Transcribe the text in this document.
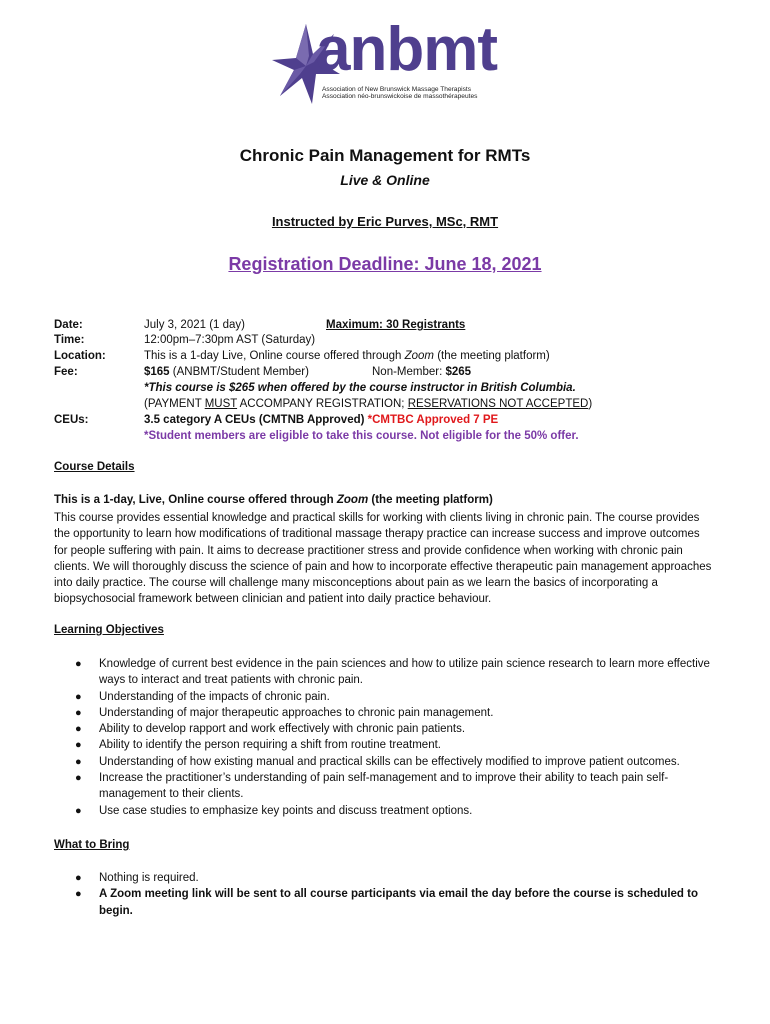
anbmt
Association of New Brunswick Massage Therapists
Association néo-brunswickoise de massothérapeutes
Chronic Pain Management for RMTs
Live & Online
Instructed by Eric Purves, MSc, RMT
Registration Deadline: June 18, 2021
Date:	July 3, 2021 (1 day)	Maximum: 30 Registrants
Time:	12:00pm–7:30pm AST (Saturday)
Location:	This is a 1-day Live, Online course offered through Zoom (the meeting platform)
Fee:	$165 (ANBMT/Student Member)	Non-Member: $265
*This course is $265 when offered by the course instructor in British Columbia.
(PAYMENT MUST ACCOMPANY REGISTRATION; RESERVATIONS NOT ACCEPTED)
CEUs:	3.5 category A CEUs (CMTNB Approved) *CMTBC Approved 7 PE
*Student members are eligible to take this course. Not eligible for the 50% offer.
Course Details
This is a 1-day, Live, Online course offered through Zoom (the meeting platform)
This course provides essential knowledge and practical skills for working with clients living in chronic pain. The course provides the opportunity to learn how modifications of traditional massage therapy practice can increase success and improve outcomes for people suffering with pain. It aims to decrease practitioner stress and provide confidence when working with chronic pain clients. We will thoroughly discuss the science of pain and how to incorporate effective therapeutic pain management approaches into daily practice. The course will challenge many misconceptions about pain as we learn the basics of incorporating a biopsychosocial framework between clinician and patient into daily practice behaviour.
Learning Objectives
● Knowledge of current best evidence in the pain sciences and how to utilize pain science research to learn more effective ways to interact and treat patients with chronic pain.
● Understanding of the impacts of chronic pain.
● Understanding of major therapeutic approaches to chronic pain management.
● Ability to develop rapport and work effectively with chronic pain patients.
● Ability to identify the person requiring a shift from routine treatment.
● Understanding of how existing manual and practical skills can be effectively modified to improve patient outcomes.
● Increase the practitioner’s understanding of pain self-management and to improve their ability to teach pain self-management to their clients.
● Use case studies to emphasize key points and discuss treatment options.
What to Bring
● Nothing is required.
● A Zoom meeting link will be sent to all course participants via email the day before the course is scheduled to begin.
